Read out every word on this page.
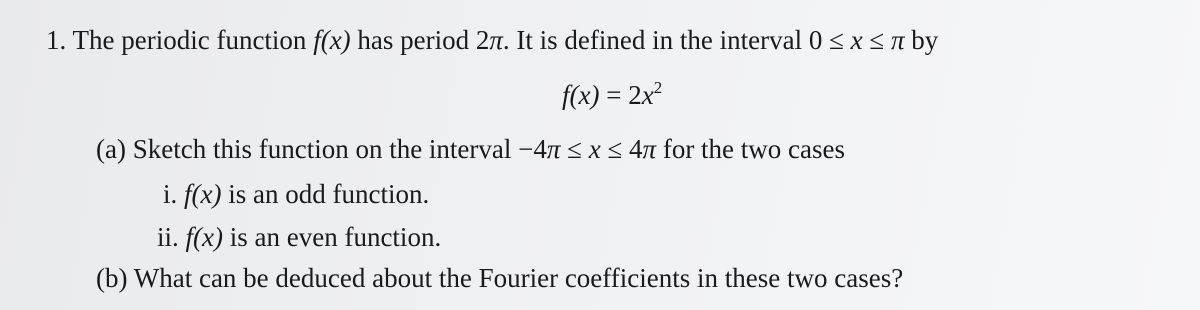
1. The periodic function f(x) has period 2π. It is defined in the interval 0 ≤ x ≤ π by
$f(x) = 2x^2$
(a) Sketch this function on the interval −4π ≤ x ≤ 4π for the two cases
i. f(x) is an odd function.
ii. f(x) is an even function.
(b) What can be deduced about the Fourier coefficients in these two cases?
